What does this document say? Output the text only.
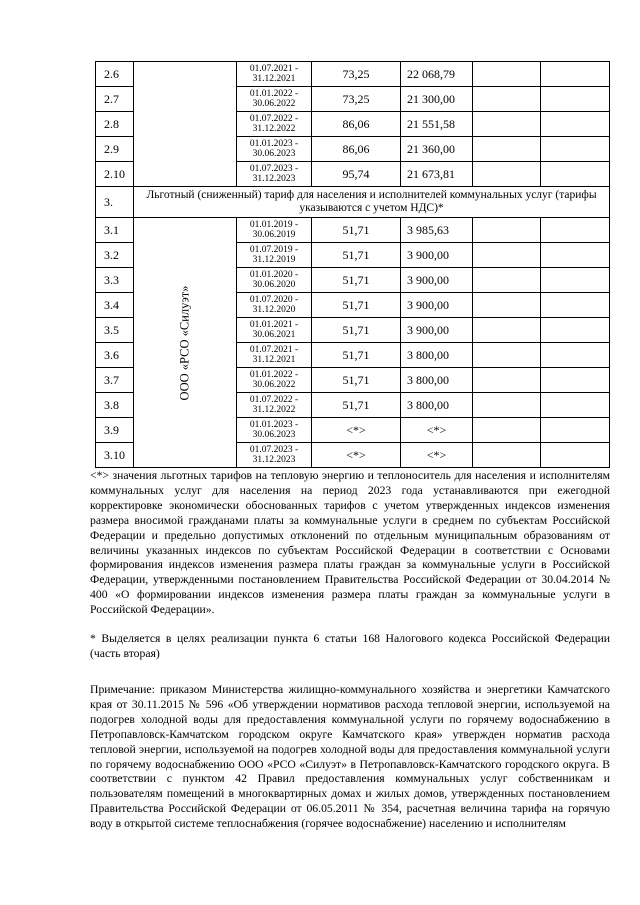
2.6		01.07.2021 -
31.12.2021	73,25	22 068,79		
2.7		01.01.2022 -
30.06.2022	73,25	21 300,00		
2.8		01.07.2022 -
31.12.2022	86,06	21 551,58		
2.9		01.01.2023 -
30.06.2023	86,06	21 360,00		
2.10		01.07.2023 -
31.12.2023	95,74	21 673,81		
3.	Льготный (сниженный) тариф для населения и исполнителей коммунальных услуг (тарифы указываются с учетом НДС)*					
3.1	ООО «РСО «Силуэт»	01.01.2019 -
30.06.2019	51,71	3 985,63		
3.2		01.07.2019 -
31.12.2019	51,71	3 900,00		
3.3		01.01.2020 -
30.06.2020	51,71	3 900,00		
3.4		01.07.2020 -
31.12.2020	51,71	3 900,00		
3.5		01.01.2021 -
30.06.2021	51,71	3 900,00		
3.6		01.07.2021 -
31.12.2021	51,71	3 800,00		
3.7		01.01.2022 -
30.06.2022	51,71	3 800,00		
3.8		01.07.2022 -
31.12.2022	51,71	3 800,00		
3.9		01.01.2023 -
30.06.2023	<*>	<*>		
3.10		01.07.2023 -
31.12.2023	<*>	<*>		

<*> значения льготных тарифов на тепловую энергию и теплоноситель для населения и исполнителям коммунальных услуг для населения на период 2023 года устанавливаются при ежегодной корректировке экономически обоснованных тарифов с учетом утвержденных индексов изменения размера вносимой гражданами платы за коммунальные услуги в среднем по субъектам Российской Федерации и предельно допустимых отклонений по отдельным муниципальным образованиям от величины указанных индексов по субъектам Российской Федерации в соответствии с Основами формирования индексов изменения размера платы граждан за коммунальные услуги в Российской Федерации, утвержденными постановлением Правительства Российской Федерации от 30.04.2014 № 400 «О формировании индексов изменения размера платы граждан за коммунальные услуги в Российской Федерации».

* Выделяется в целях реализации пункта 6 статьи 168 Налогового кодекса Российской Федерации (часть вторая)

Примечание: приказом Министерства жилищно-коммунального хозяйства и энергетики Камчатского края от 30.11.2015 № 596 «Об утверждении нормативов расхода тепловой энергии, используемой на подогрев холодной воды для предоставления коммунальной услуги по горячему водоснабжению в Петропавловск-Камчатском городском округе Камчатского края» утвержден норматив расхода тепловой энергии, используемой на подогрев холодной воды для предоставления коммунальной услуги по горячему водоснабжению ООО «РСО «Силуэт» в Петропавловск-Камчатского городского округа. В соответствии с пунктом 42 Правил предоставления коммунальных услуг собственникам и пользователям помещений в многоквартирных домах и жилых домов, утвержденных постановлением Правительства Российской Федерации от 06.05.2011 № 354, расчетная величина тарифа на горячую воду в открытой системе теплоснабжения (горячее водоснабжение) населению и исполнителям
